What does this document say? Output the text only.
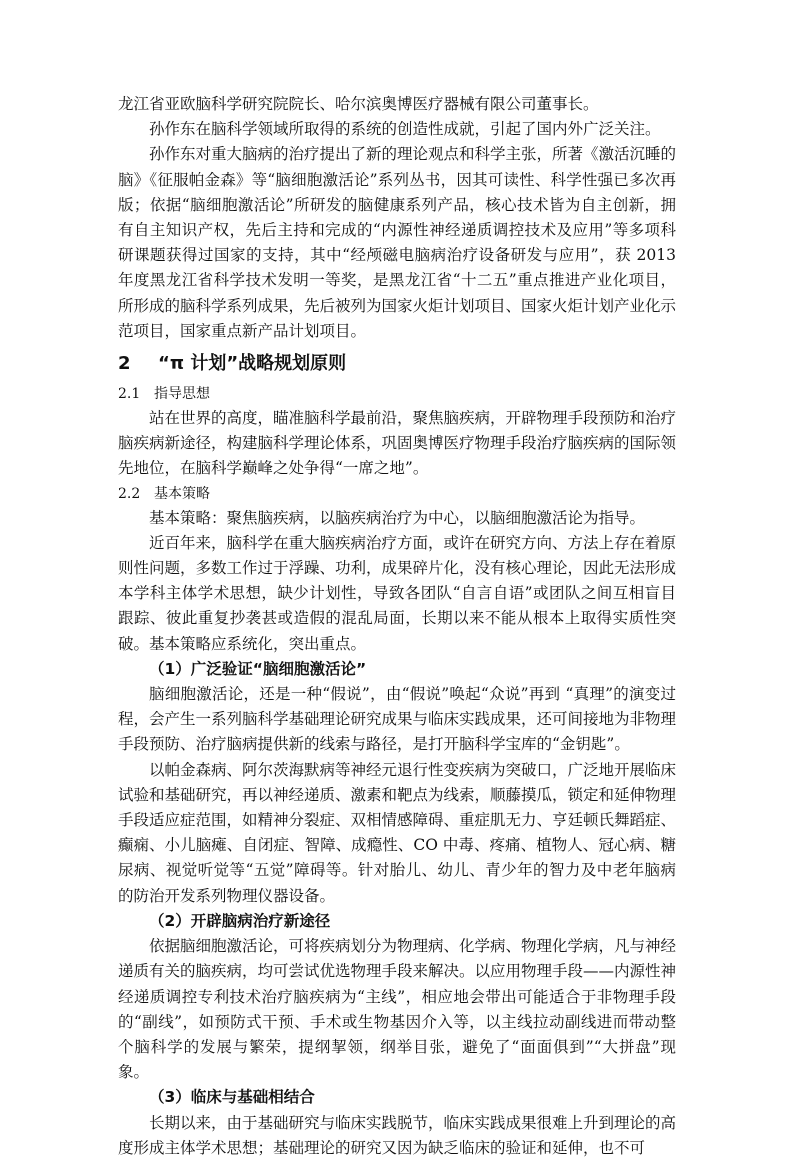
龙江省亚欧脑科学研究院院长、哈尔滨奥博医疗器械有限公司董事长。

孙作东在脑科学领域所取得的系统的创造性成就，引起了国内外广泛关注。

孙作东对重大脑病的治疗提出了新的理论观点和科学主张，所著《激活沉睡的脑》《征服帕金森》等“脑细胞激活论”系列丛书，因其可读性、科学性强已多次再版；依据“脑细胞激活论”所研发的脑健康系列产品，核心技术皆为自主创新，拥有自主知识产权，先后主持和完成的“内源性神经递质调控技术及应用”等多项科研课题获得过国家的支持，其中“经颅磁电脑病治疗设备研发与应用”，获 2013 年度黑龙江省科学技术发明一等奖，是黑龙江省“十二五”重点推进产业化项目，所形成的脑科学系列成果，先后被列为国家火炬计划项目、国家火炬计划产业化示范项目，国家重点新产品计划项目。

2 “π 计划”战略规划原则
2.1 指导思想

站在世界的高度，瞄准脑科学最前沿，聚焦脑疾病，开辟物理手段预防和治疗脑疾病新途径，构建脑科学理论体系，巩固奥博医疗物理手段治疗脑疾病的国际领先地位，在脑科学巅峰之处争得“一席之地”。

2.2 基本策略

基本策略：聚焦脑疾病，以脑疾病治疗为中心，以脑细胞激活论为指导。

近百年来，脑科学在重大脑疾病治疗方面，或许在研究方向、方法上存在着原则性问题，多数工作过于浮躁、功利，成果碎片化，没有核心理论，因此无法形成本学科主体学术思想，缺少计划性，导致各团队“自言自语”或团队之间互相盲目跟踪、彼此重复抄袭甚或造假的混乱局面，长期以来不能从根本上取得实质性突破。基本策略应系统化，突出重点。

（1）广泛验证“脑细胞激活论”

脑细胞激活论，还是一种“假说”，由“假说”唤起“众说”再到 “真理”的演变过程，会产生一系列脑科学基础理论研究成果与临床实践成果，还可间接地为非物理手段预防、治疗脑病提供新的线索与路径，是打开脑科学宝库的“金钥匙”。

以帕金森病、阿尔茨海默病等神经元退行性变疾病为突破口，广泛地开展临床试验和基础研究，再以神经递质、激素和靶点为线索，顺藤摸瓜，锁定和延伸物理手段适应症范围，如精神分裂症、双相情感障碍、重症肌无力、亨廷顿氏舞蹈症、癫痫、小儿脑瘫、自闭症、智障、成瘾性、CO 中毒、疼痛、植物人、冠心病、糖尿病、视觉听觉等“五觉”障碍等。针对胎儿、幼儿、青少年的智力及中老年脑病的防治开发系列物理仪器设备。

（2）开辟脑病治疗新途径

依据脑细胞激活论，可将疾病划分为物理病、化学病、物理化学病，凡与神经递质有关的脑疾病，均可尝试优选物理手段来解决。以应用物理手段——内源性神经递质调控专利技术治疗脑疾病为“主线”，相应地会带出可能适合于非物理手段的“副线”，如预防式干预、手术或生物基因介入等，以主线拉动副线进而带动整个脑科学的发展与繁荣，提纲挈领，纲举目张，避免了“面面俱到”“大拼盘”现象。

（3）临床与基础相结合

长期以来，由于基础研究与临床实践脱节，临床实践成果很难上升到理论的高度形成主体学术思想；基础理论的研究又因为缺乏临床的验证和延伸，也不可
